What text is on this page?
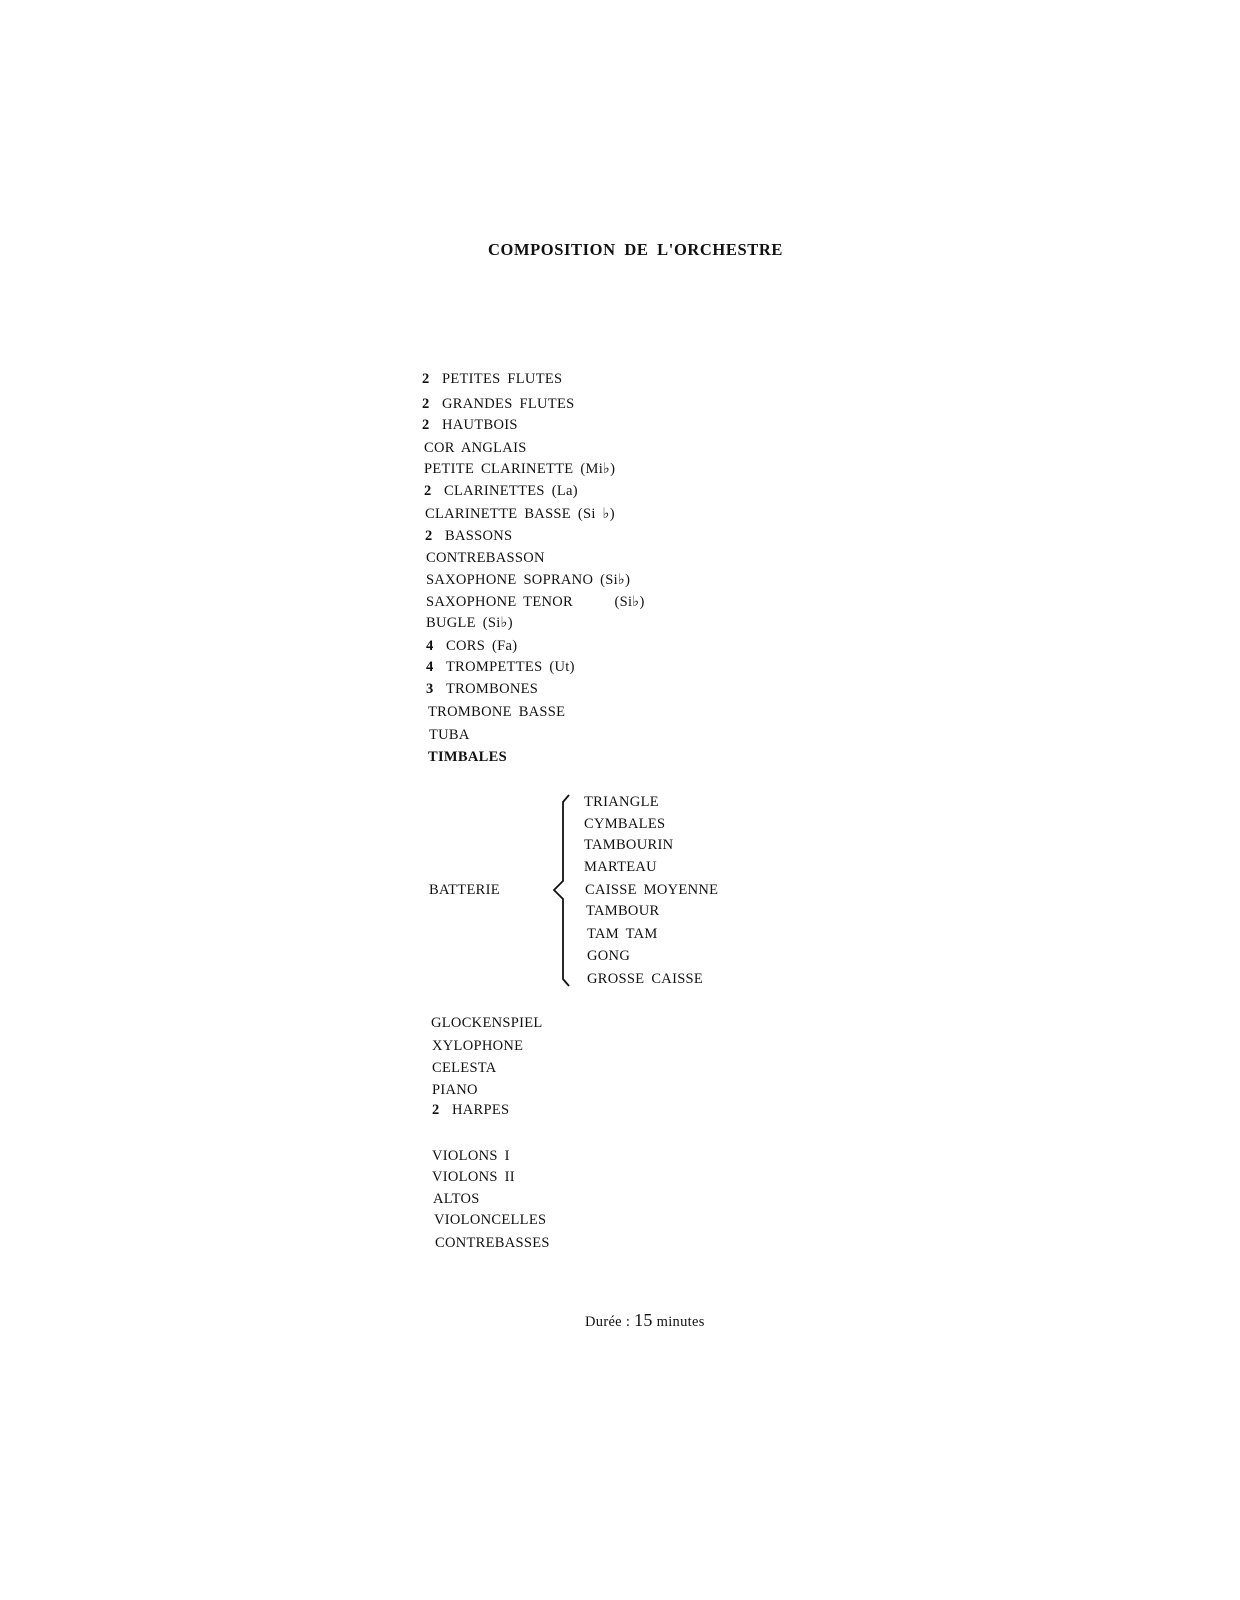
COMPOSITION DE L'ORCHESTRE
2 PETITES FLUTES
2 GRANDES FLUTES
2 HAUTBOIS
COR ANGLAIS
PETITE CLARINETTE (Mi♭)
2 CLARINETTES (La)
CLARINETTE BASSE (Si ♭)
2 BASSONS
CONTREBASSON
SAXOPHONE SOPRANO (Si♭)
SAXOPHONE TENOR      (Si♭)
BUGLE (Si♭)
4 CORS (Fa)
4 TROMPETTES (Ut)
3 TROMBONES
TROMBONE BASSE
TUBA
TIMBALES
BATTERIE
TRIANGLE
CYMBALES
TAMBOURIN
MARTEAU
CAISSE MOYENNE
TAMBOUR
TAM TAM
GONG
GROSSE CAISSE
GLOCKENSPIEL
XYLOPHONE
CELESTA
PIANO
2 HARPES
VIOLONS I
VIOLONS II
ALTOS
VIOLONCELLES
CONTREBASSES
Durée : 15 minutes
